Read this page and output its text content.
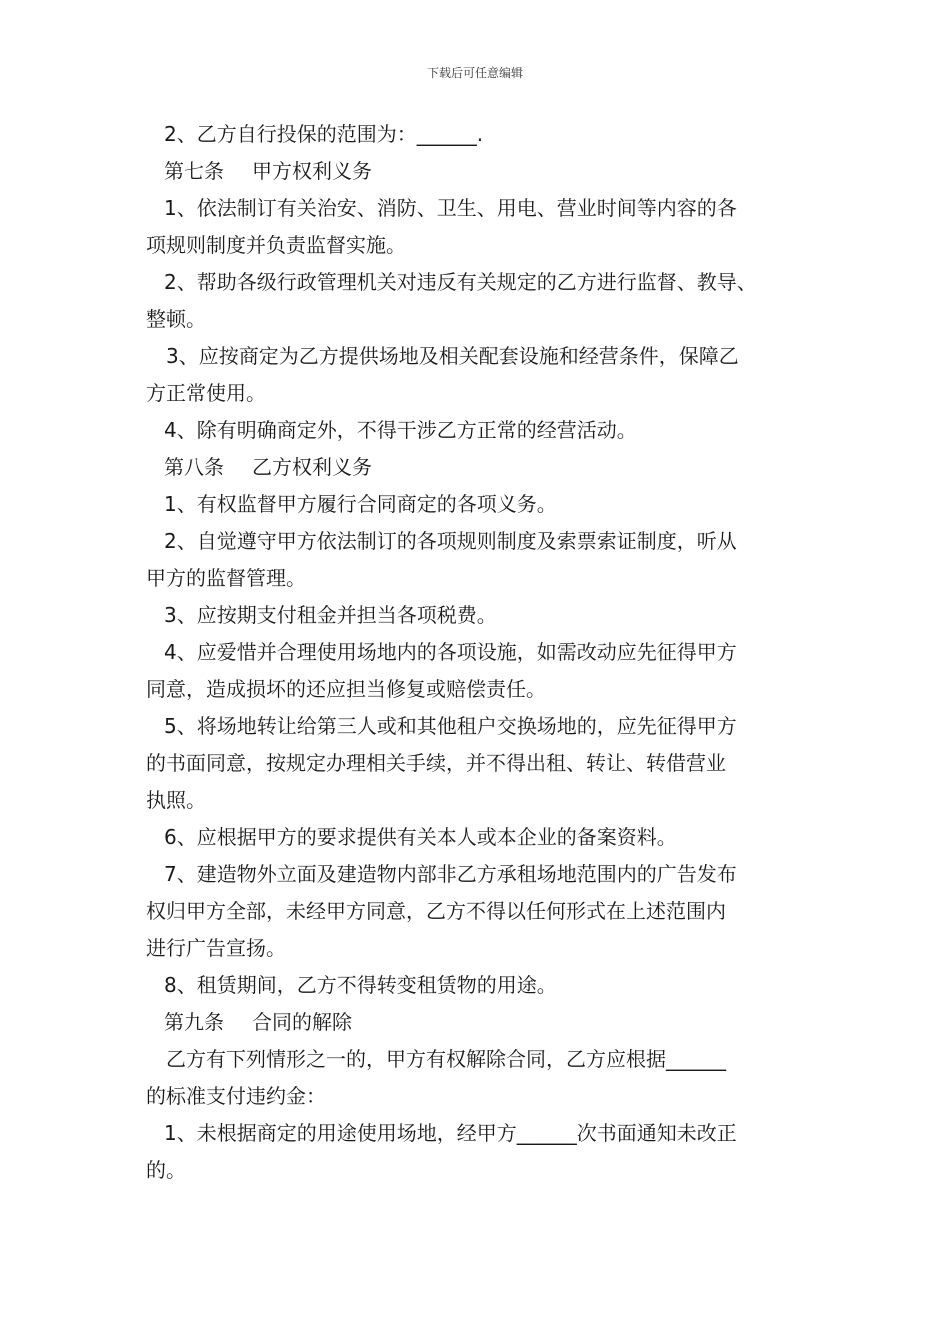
下载后可任意编辑
2、乙方自行投保的范围为：______.
第七条 甲方权利义务
1、依法制订有关治安、消防、卫生、用电、营业时间等内容的各
项规则制度并负责监督实施。
2、帮助各级行政管理机关对违反有关规定的乙方进行监督、教导、
整顿。
3、应按商定为乙方提供场地及相关配套设施和经营条件，保障乙
方正常使用。
4、除有明确商定外，不得干涉乙方正常的经营活动。
第八条 乙方权利义务
1、有权监督甲方履行合同商定的各项义务。
2、自觉遵守甲方依法制订的各项规则制度及索票索证制度，听从
甲方的监督管理。
3、应按期支付租金并担当各项税费。
4、应爱惜并合理使用场地内的各项设施，如需改动应先征得甲方
同意，造成损坏的还应担当修复或赔偿责任。
5、将场地转让给第三人或和其他租户交换场地的，应先征得甲方
的书面同意，按规定办理相关手续，并不得出租、转让、转借营业
执照。
6、应根据甲方的要求提供有关本人或本企业的备案资料。
7、建造物外立面及建造物内部非乙方承租场地范围内的广告发布
权归甲方全部，未经甲方同意，乙方不得以任何形式在上述范围内
进行广告宣扬。
8、租赁期间，乙方不得转变租赁物的用途。
第九条 合同的解除
乙方有下列情形之一的，甲方有权解除合同，乙方应根据______
的标准支付违约金：
1、未根据商定的用途使用场地，经甲方______次书面通知未改正
的。
